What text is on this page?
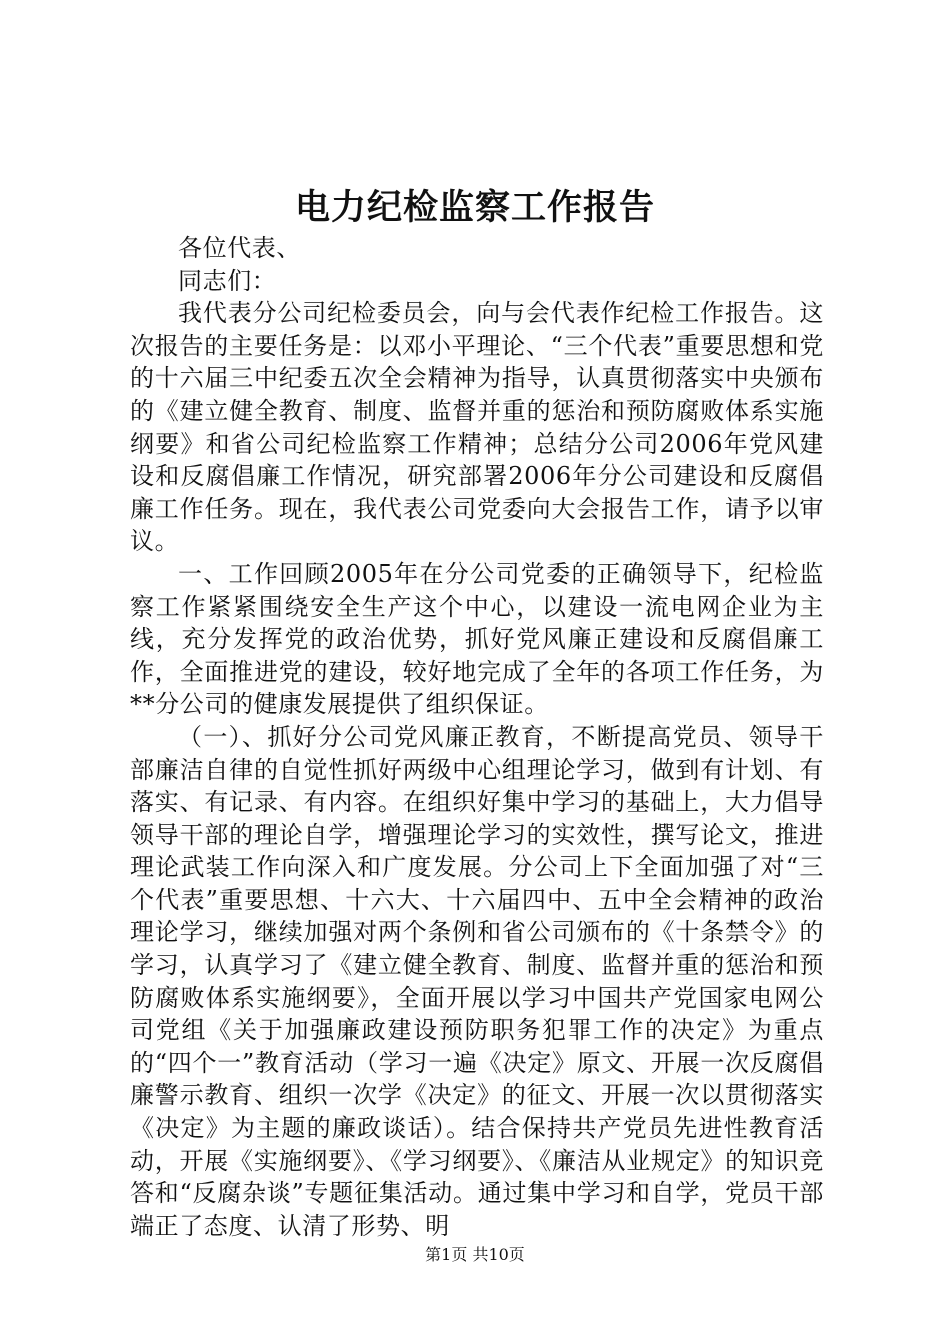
电力纪检监察工作报告

各位代表、

同志们：

我代表分公司纪检委员会，向与会代表作纪检工作报告。这次报告的主要任务是：以邓小平理论、“三个代表”重要思想和党的十六届三中纪委五次全会精神为指导，认真贯彻落实中央颁布的《建立健全教育、制度、监督并重的惩治和预防腐败体系实施纲要》和省公司纪检监察工作精神；总结分公司2006年党风建设和反腐倡廉工作情况，研究部署2006年分公司建设和反腐倡廉工作任务。现在，我代表公司党委向大会报告工作，请予以审议。

一、工作回顾2005年在分公司党委的正确领导下，纪检监察工作紧紧围绕安全生产这个中心，以建设一流电网企业为主线，充分发挥党的政治优势，抓好党风廉正建设和反腐倡廉工作，全面推进党的建设，较好地完成了全年的各项工作任务，为**分公司的健康发展提供了组织保证。

（一）、抓好分公司党风廉正教育，不断提高党员、领导干部廉洁自律的自觉性抓好两级中心组理论学习，做到有计划、有落实、有记录、有内容。在组织好集中学习的基础上，大力倡导领导干部的理论自学，增强理论学习的实效性，撰写论文，推进理论武装工作向深入和广度发展。分公司上下全面加强了对“三个代表”重要思想、十六大、十六届四中、五中全会精神的政治理论学习，继续加强对两个条例和省公司颁布的《十条禁令》的学习，认真学习了《建立健全教育、制度、监督并重的惩治和预防腐败体系实施纲要》，全面开展以学习中国共产党国家电网公司党组《关于加强廉政建设预防职务犯罪工作的决定》为重点的“四个一”教育活动（学习一遍《决定》原文、开展一次反腐倡廉警示教育、组织一次学《决定》的征文、开展一次以贯彻落实《决定》为主题的廉政谈话）。结合保持共产党员先进性教育活动，开展《实施纲要》、《学习纲要》、《廉洁从业规定》的知识竞答和“反腐杂谈”专题征集活动。通过集中学习和自学，党员干部端正了态度、认清了形势、明

第1页 共10页
